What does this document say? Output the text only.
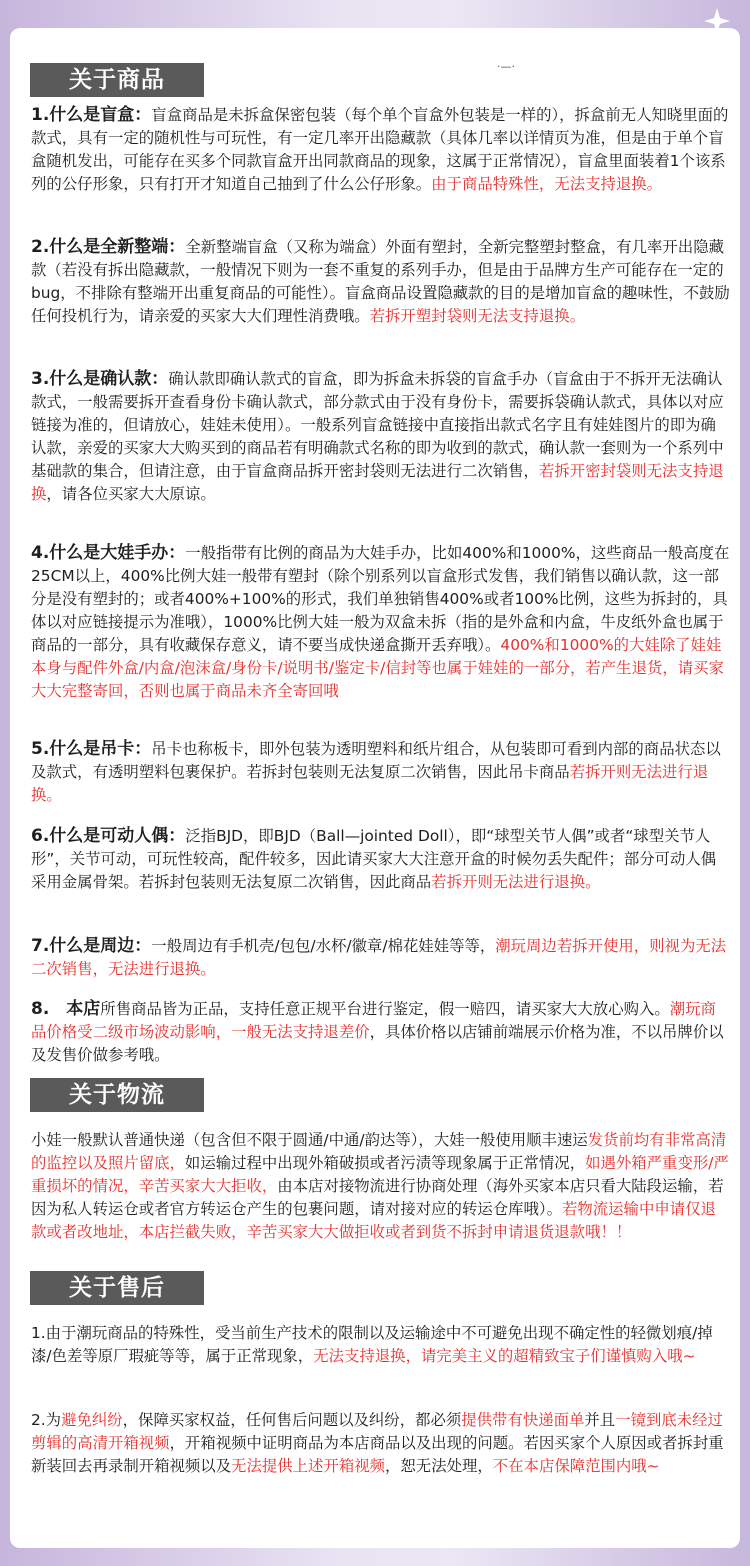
·—·
关于商品
关于物流
关于售后

1.什么是盲盒：盲盒商品是未拆盒保密包装（每个单个盲盒外包装是一样的），拆盒前无人知晓里面的款式，具有一定的随机性与可玩性，有一定几率开出隐藏款（具体几率以详情页为准，但是由于单个盲盒随机发出，可能存在买多个同款盲盒开出同款商品的现象，这属于正常情况），盲盒里面装着1个该系列的公仔形象，只有打开才知道自己抽到了什么公仔形象。由于商品特殊性，无法支持退换。

2.什么是全新整端：全新整端盲盒（又称为端盒）外面有塑封，全新完整塑封整盒，有几率开出隐藏款（若没有拆出隐藏款，一般情况下则为一套不重复的系列手办，但是由于品牌方生产可能存在一定的bug，不排除有整端开出重复商品的可能性）。盲盒商品设置隐藏款的目的是增加盲盒的趣味性，不鼓励任何投机行为，请亲爱的买家大大们理性消费哦。若拆开塑封袋则无法支持退换。

3.什么是确认款：确认款即确认款式的盲盒，即为拆盒未拆袋的盲盒手办（盲盒由于不拆开无法确认款式，一般需要拆开查看身份卡确认款式，部分款式由于没有身份卡，需要拆袋确认款式，具体以对应链接为准的，但请放心，娃娃未使用）。一般系列盲盒链接中直接指出款式名字且有娃娃图片的即为确认款，亲爱的买家大大购买到的商品若有明确款式名称的即为收到的款式，确认款一套则为一个系列中基础款的集合，但请注意，由于盲盒商品拆开密封袋则无法进行二次销售，若拆开密封袋则无法支持退换，请各位买家大大原谅。

4.什么是大娃手办：一般指带有比例的商品为大娃手办，比如400%和1000%，这些商品一般高度在25CM以上，400%比例大娃一般带有塑封（除个别系列以盲盒形式发售，我们销售以确认款，这一部分是没有塑封的；或者400%+100%的形式，我们单独销售400%或者100%比例，这些为拆封的，具体以对应链接提示为准哦），1000%比例大娃一般为双盒未拆（指的是外盒和内盒，牛皮纸外盒也属于商品的一部分，具有收藏保存意义，请不要当成快递盒撕开丢弃哦）。400%和1000%的大娃除了娃娃本身与配件外盒/内盒/泡沫盒/身份卡/说明书/鉴定卡/信封等也属于娃娃的一部分，若产生退货，请买家大大完整寄回，否则也属于商品未齐全寄回哦

5.什么是吊卡：吊卡也称板卡，即外包装为透明塑料和纸片组合，从包装即可看到内部的商品状态以及款式，有透明塑料包裹保护。若拆封包装则无法复原二次销售，因此吊卡商品若拆开则无法进行退换。

6.什么是可动人偶：泛指BJD，即BJD（Ball—jointed Doll），即“球型关节人偶”或者“球型关节人形”，关节可动，可玩性较高，配件较多，因此请买家大大注意开盒的时候勿丢失配件；部分可动人偶采用金属骨架。若拆封包装则无法复原二次销售，因此商品若拆开则无法进行退换。

7.什么是周边：一般周边有手机壳/包包/水杯/徽章/棉花娃娃等等，潮玩周边若拆开使用，则视为无法二次销售，无法进行退换。

8.　本店所售商品皆为正品，支持任意正规平台进行鉴定，假一赔四，请买家大大放心购入。潮玩商品价格受二级市场波动影响，一般无法支持退差价，具体价格以店铺前端展示价格为准，不以吊牌价以及发售价做参考哦。

小娃一般默认普通快递（包含但不限于圆通/中通/韵达等），大娃一般使用顺丰速运发货前均有非常高清的监控以及照片留底，如运输过程中出现外箱破损或者污渍等现象属于正常情况，如遇外箱严重变形/严重损坏的情况，辛苦买家大大拒收，由本店对接物流进行协商处理（海外买家本店只看大陆段运输，若因为私人转运仓或者官方转运仓产生的包裹问题，请对接对应的转运仓库哦）。若物流运输中申请仅退款或者改地址，本店拦截失败，辛苦买家大大做拒收或者到货不拆封申请退货退款哦！！

1.由于潮玩商品的特殊性，受当前生产技术的限制以及运输途中不可避免出现不确定性的轻微划痕/掉漆/色差等原厂瑕疵等等，属于正常现象，无法支持退换，请完美主义的超精致宝子们谨慎购入哦~

2.为避免纠纷，保障买家权益，任何售后问题以及纠纷，都必须提供带有快递面单并且一镜到底未经过剪辑的高清开箱视频，开箱视频中证明商品为本店商品以及出现的问题。若因买家个人原因或者拆封重新装回去再录制开箱视频以及无法提供上述开箱视频，恕无法处理，不在本店保障范围内哦~
